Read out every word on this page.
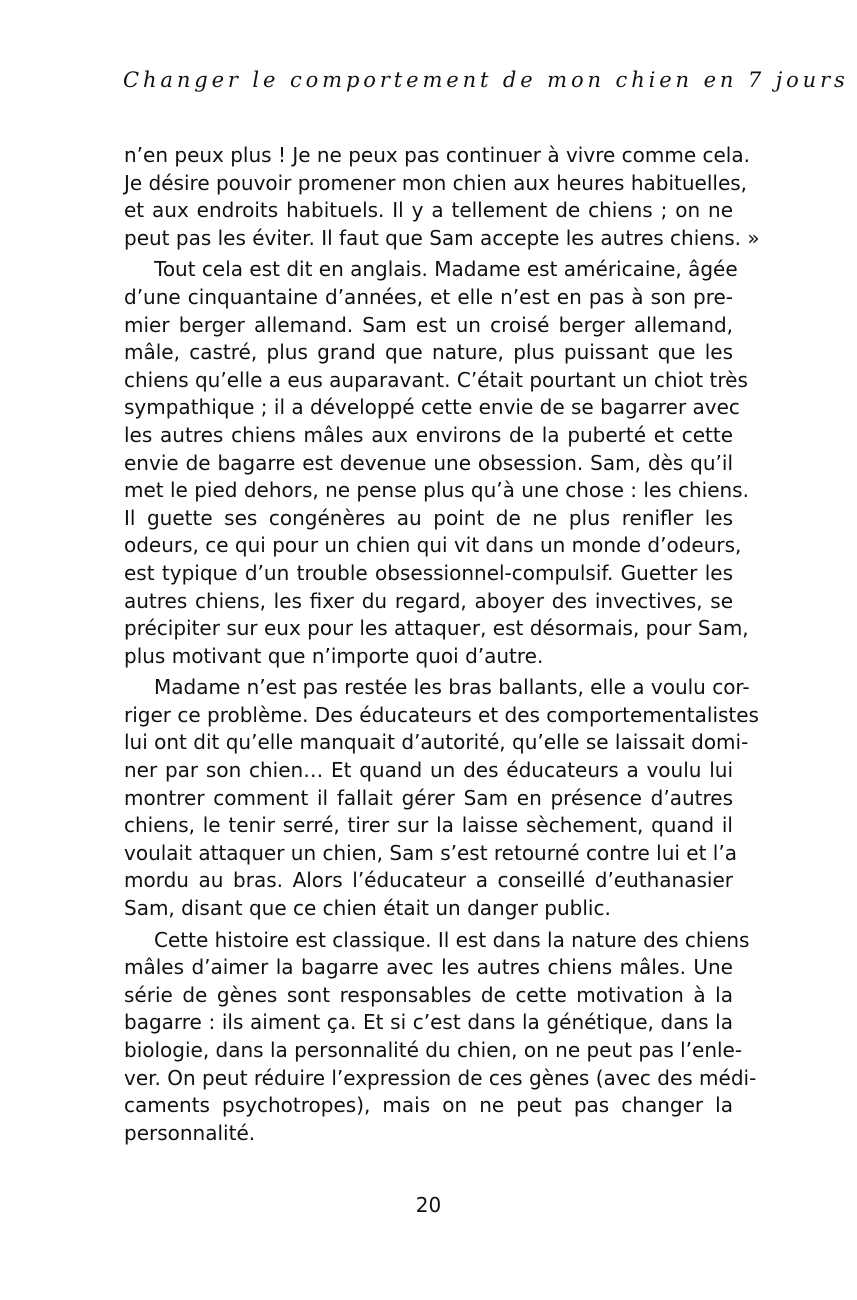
Changer le comportement de mon chien en 7 jours
n’en peux plus ! Je ne peux pas continuer à vivre comme cela.
Je désire pouvoir promener mon chien aux heures habituelles,
et aux endroits habituels. Il y a tellement de chiens ; on ne
peut pas les éviter. Il faut que Sam accepte les autres chiens. »
Tout cela est dit en anglais. Madame est américaine, âgée
d’une cinquantaine d’années, et elle n’est en pas à son pre-
mier berger allemand. Sam est un croisé berger allemand,
mâle, castré, plus grand que nature, plus puissant que les
chiens qu’elle a eus auparavant. C’était pourtant un chiot très
sympathique ; il a développé cette envie de se bagarrer avec
les autres chiens mâles aux environs de la puberté et cette
envie de bagarre est devenue une obsession. Sam, dès qu’il
met le pied dehors, ne pense plus qu’à une chose : les chiens.
Il guette ses congénères au point de ne plus renifler les
odeurs, ce qui pour un chien qui vit dans un monde d’odeurs,
est typique d’un trouble obsessionnel-compulsif. Guetter les
autres chiens, les fixer du regard, aboyer des invectives, se
précipiter sur eux pour les attaquer, est désormais, pour Sam,
plus motivant que n’importe quoi d’autre.
Madame n’est pas restée les bras ballants, elle a voulu cor-
riger ce problème. Des éducateurs et des comportementalistes
lui ont dit qu’elle manquait d’autorité, qu’elle se laissait domi-
ner par son chien… Et quand un des éducateurs a voulu lui
montrer comment il fallait gérer Sam en présence d’autres
chiens, le tenir serré, tirer sur la laisse sèchement, quand il
voulait attaquer un chien, Sam s’est retourné contre lui et l’a
mordu au bras. Alors l’éducateur a conseillé d’euthanasier
Sam, disant que ce chien était un danger public.
Cette histoire est classique. Il est dans la nature des chiens
mâles d’aimer la bagarre avec les autres chiens mâles. Une
série de gènes sont responsables de cette motivation à la
bagarre : ils aiment ça. Et si c’est dans la génétique, dans la
biologie, dans la personnalité du chien, on ne peut pas l’enle-
ver. On peut réduire l’expression de ces gènes (avec des médi-
caments psychotropes), mais on ne peut pas changer la
personnalité.
20
